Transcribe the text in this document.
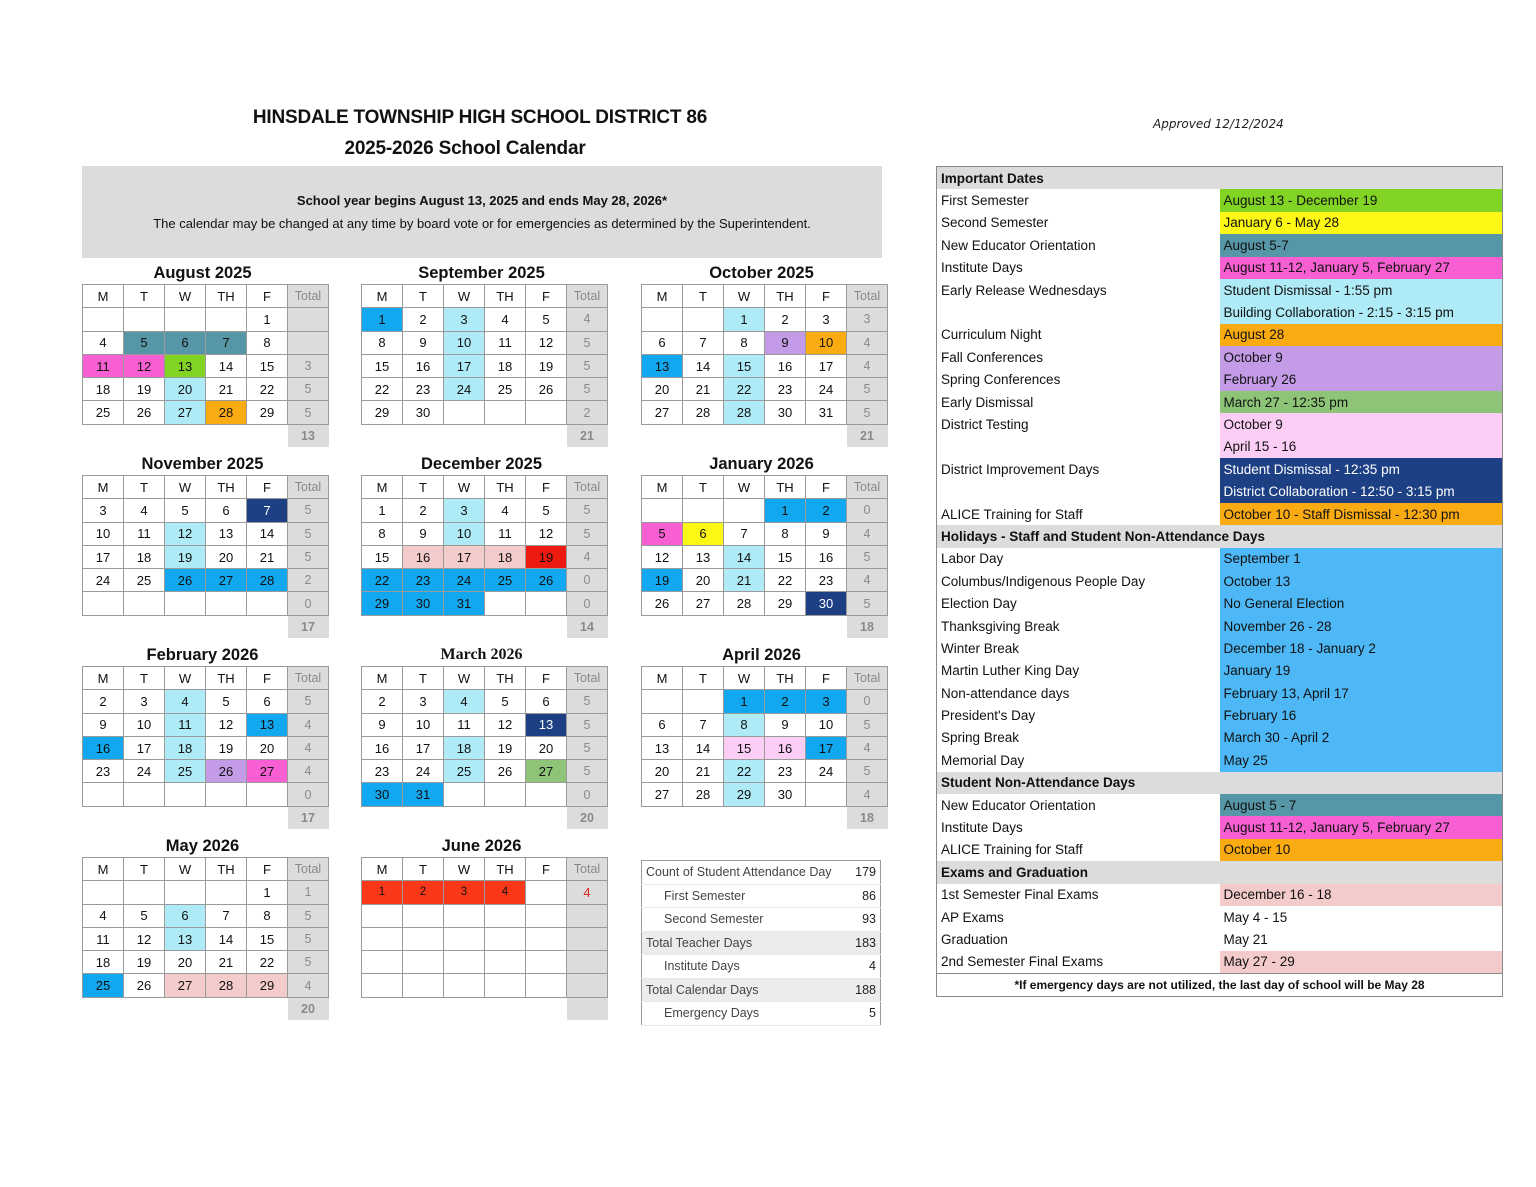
HINSDALE TOWNSHIP HIGH SCHOOL DISTRICT 86
2025-2026 School Calendar
Approved 12/12/2024
School year begins August 13, 2025 and ends May 28, 2026*
The calendar may be changed at any time by board vote or for emergencies as determined by the Superintendent.
August 2025
M	T	W	TH	F	Total
				1	
4	5	6	7	8	
11	12	13	14	15	3
18	19	20	21	22	5
25	26	27	28	29	5
					13
September 2025
M	T	W	TH	F	Total
1	2	3	4	5	4
8	9	10	11	12	5
15	16	17	18	19	5
22	23	24	25	26	5
29	30				2
					21
October 2025
M	T	W	TH	F	Total
		1	2	3	3
6	7	8	9	10	4
13	14	15	16	17	4
20	21	22	23	24	5
27	28	28	30	31	5
					21
November 2025
M	T	W	TH	F	Total
3	4	5	6	7	5
10	11	12	13	14	5
17	18	19	20	21	5
24	25	26	27	28	2
					0
					17
December 2025
M	T	W	TH	F	Total
1	2	3	4	5	5
8	9	10	11	12	5
15	16	17	18	19	4
22	23	24	25	26	0
29	30	31			0
					14
January 2026
M	T	W	TH	F	Total
			1	2	0
5	6	7	8	9	4
12	13	14	15	16	5
19	20	21	22	23	4
26	27	28	29	30	5
					18
February 2026
M	T	W	TH	F	Total
2	3	4	5	6	5
9	10	11	12	13	4
16	17	18	19	20	4
23	24	25	26	27	4
					0
					17
March 2026
M	T	W	TH	F	Total
2	3	4	5	6	5
9	10	11	12	13	5
16	17	18	19	20	5
23	24	25	26	27	5
30	31				0
					20
April 2026
M	T	W	TH	F	Total
		1	2	3	0
6	7	8	9	10	5
13	14	15	16	17	4
20	21	22	23	24	5
27	28	29	30		4
					18
May 2026
M	T	W	TH	F	Total
				1	1
4	5	6	7	8	5
11	12	13	14	15	5
18	19	20	21	22	5
25	26	27	28	29	4
					20
June 2026
M	T	W	TH	F	Total
1	2	3	4		4

Count of Student Attendance Day	179
First Semester	86
Second Semester	93
Total Teacher Days	183
Institute Days	4
Total Calendar Days	188
Emergency Days	5
Important Dates	
First Semester	August 13 - December 19
Second Semester	January 6 - May 28
New Educator Orientation	August 5-7
Institute Days	August 11-12, January 5, February 27
Early Release Wednesdays	Student Dismissal - 1:55 pm
	Building Collaboration - 2:15 - 3:15 pm
Curriculum Night	August 28
Fall Conferences	October 9
Spring Conferences	February 26
Early Dismissal	March 27 - 12:35 pm
District Testing	October 9
	April 15 - 16
District Improvement Days	Student Dismissal - 12:35 pm
	District Collaboration - 12:50 - 3:15 pm
ALICE Training for Staff	October 10 - Staff Dismissal - 12:30 pm
Holidays - Staff and Student Non-Attendance Days	
Labor Day	September 1
Columbus/Indigenous People Day	October 13
Election Day	No General Election
Thanksgiving Break	November 26 - 28
Winter Break	December 18 - January 2
Martin Luther King Day	January 19
Non-attendance days	February 13, April 17
President's Day	February 16
Spring Break	March 30 - April 2
Memorial Day	May 25
Student Non-Attendance Days	
New Educator Orientation	August 5 - 7
Institute Days	August 11-12, January 5, February 27
ALICE Training for Staff	October 10
Exams and Graduation	
1st Semester Final Exams	December 16 - 18
AP Exams	May 4 - 15
Graduation	May 21
2nd Semester Final Exams	May 27 - 29
*If emergency days are not utilized, the last day of school will be May 28	
